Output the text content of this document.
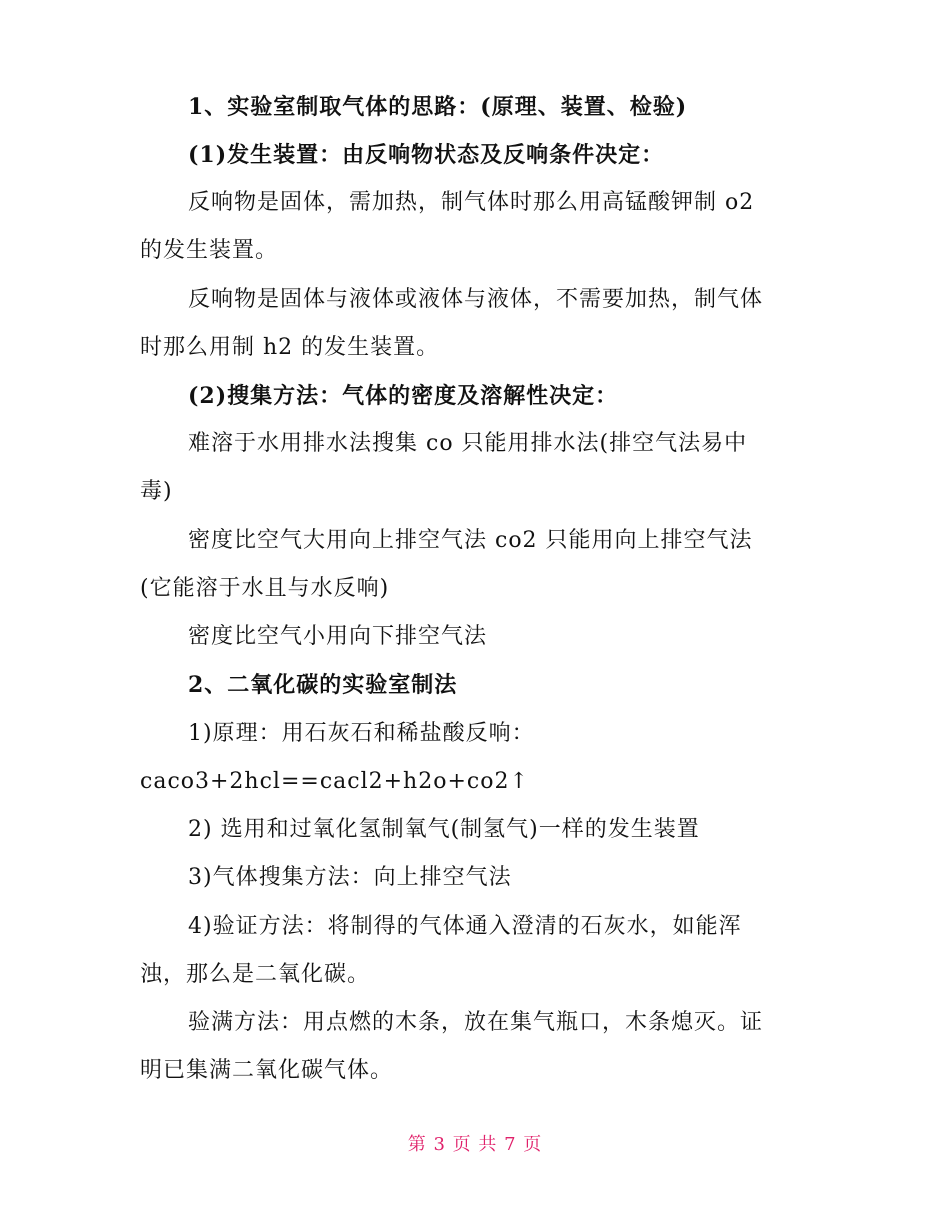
1、实验室制取气体的思路：(原理、装置、检验)
(1)发生装置：由反响物状态及反响条件决定：
反响物是固体，需加热，制气体时那么用高锰酸钾制 o2
的发生装置。
反响物是固体与液体或液体与液体，不需要加热，制气体
时那么用制 h2 的发生装置。
(2)搜集方法：气体的密度及溶解性决定：
难溶于水用排水法搜集 co 只能用排水法(排空气法易中
毒)
密度比空气大用向上排空气法 co2 只能用向上排空气法
(它能溶于水且与水反响)
密度比空气小用向下排空气法
2、二氧化碳的实验室制法
1)原理：用石灰石和稀盐酸反响：
caco3+2hcl==cacl2+h2o+co2↑
2) 选用和过氧化氢制氧气(制氢气)一样的发生装置
3)气体搜集方法：向上排空气法
4)验证方法：将制得的气体通入澄清的石灰水，如能浑
浊，那么是二氧化碳。
验满方法：用点燃的木条，放在集气瓶口，木条熄灭。证
明已集满二氧化碳气体。
第 3 页 共 7 页
